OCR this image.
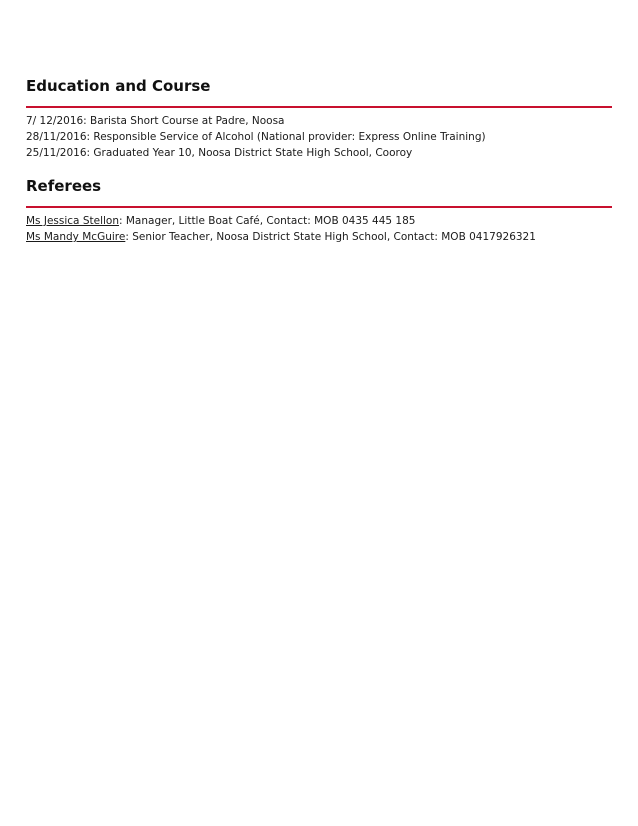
Education and Course
7/ 12/2016: Barista Short Course at Padre, Noosa
28/11/2016: Responsible Service of Alcohol (National provider: Express Online Training)
25/11/2016: Graduated Year 10, Noosa District State High School, Cooroy
Referees
Ms Jessica Stellon: Manager, Little Boat Café, Contact: MOB 0435 445 185
Ms Mandy McGuire: Senior Teacher, Noosa District State High School, Contact: MOB 0417926321
